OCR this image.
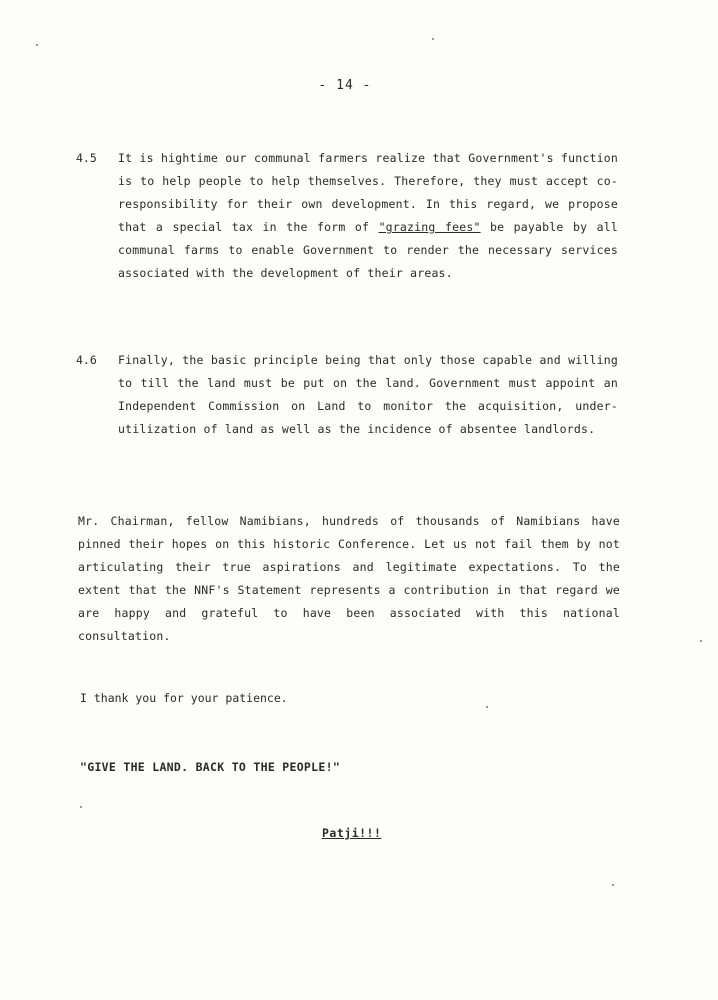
- 14 -
4.5 It is hightime our communal farmers realize that Government's function is to help people to help themselves. Therefore, they must accept co-responsibility for their own development. In this regard, we propose that a special tax in the form of "grazing fees" be payable by all communal farms to enable Government to render the necessary services associated with the development of their areas.
4.6 Finally, the basic principle being that only those capable and willing to till the land must be put on the land. Government must appoint an Independent Commission on Land to monitor the acquisition, under-utilization of land as well as the incidence of absentee landlords.
Mr. Chairman, fellow Namibians, hundreds of thousands of Namibians have pinned their hopes on this historic Conference. Let us not fail them by not articulating their true aspirations and legitimate expectations. To the extent that the NNF's Statement represents a contribution in that regard we are happy and grateful to have been associated with this national consultation.
I thank you for your patience.
"GIVE THE LAND. BACK TO THE PEOPLE!"
Patji!!!
